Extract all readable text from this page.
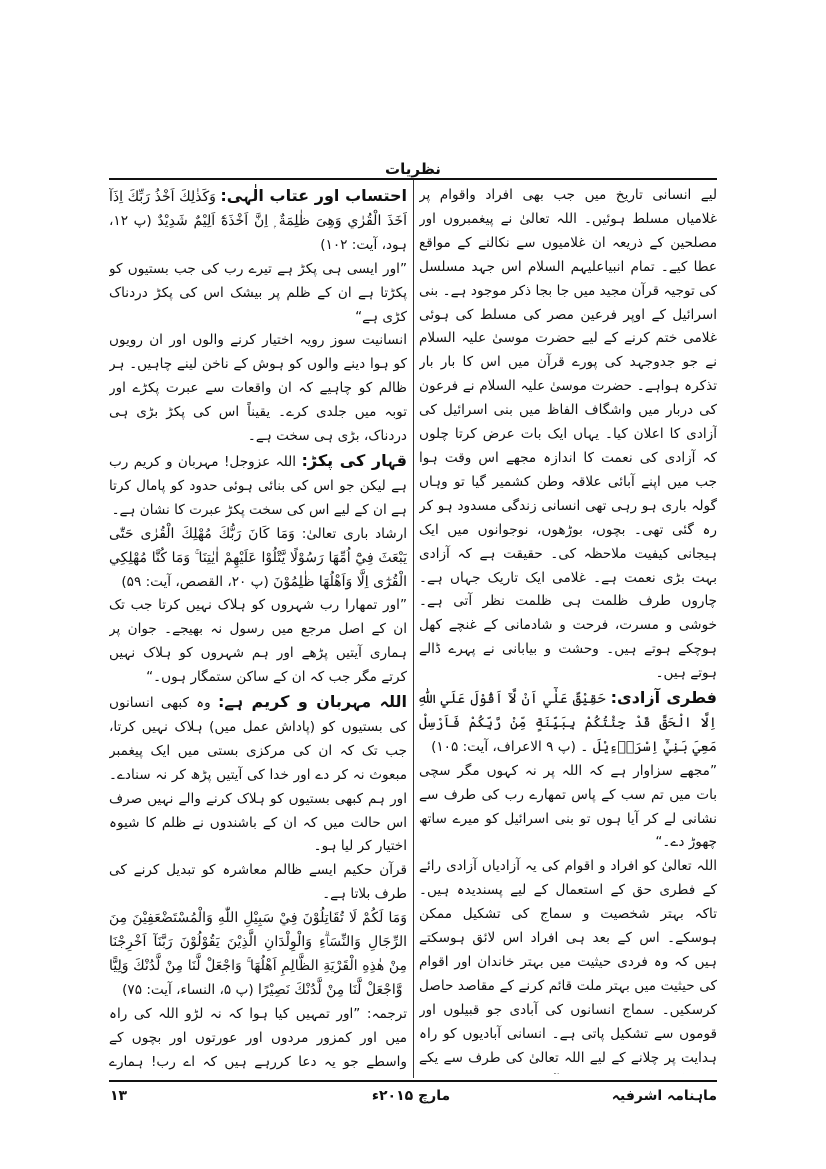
نظریات

لیے انسانی تاریخ میں جب بھی افراد واقوام پر غلامیاں مسلط ہوئیں۔ اللہ تعالیٰ نے پیغمبروں اور مصلحین کے ذریعہ ان غلامیوں سے نکالنے کے مواقع عطا کیے۔ تمام انبیاعلیہم السلام اس جہد مسلسل کی توجیہ قرآن مجید میں جا بجا ذکر موجود ہے۔ بنی اسرائیل کے اوپر فرعین مصر کی مسلط کی ہوئی غلامی ختم کرنے کے لیے حضرت موسیٰ علیہ السلام نے جو جدوجہد کی پورے قرآن میں اس کا بار بار تذکرہ ہواہے۔ حضرت موسیٰ علیہ السلام نے فرعون کی دربار میں واشگاف الفاظ میں بنی اسرائیل کی آزادی کا اعلان کیا۔ یہاں ایک بات عرض کرتا چلوں کہ آزادی کی نعمت کا اندازہ مجھے اس وقت ہوا جب میں اپنے آبائی علاقہ وطن کشمیر گیا تو وہاں گولہ باری ہو رہی تھی انسانی زندگی مسدود ہو کر رہ گئی تھی۔ بچوں، بوڑھوں، نوجوانوں میں ایک ہیجانی کیفیت ملاحظہ کی۔ حقیقت ہے کہ آزادی بہت بڑی نعمت ہے۔ غلامی ایک تاریک جہاں ہے۔ چاروں طرف ظلمت ہی ظلمت نظر آتی ہے۔ خوشی و مسرت، فرحت و شادمانی کے غنچے کھل ہوچکے ہوتے ہیں۔ وحشت و بیابانی نے پہرے ڈالے ہوتے ہیں۔

فطری آزادی: حَقِيْقٌ عَلٰٓي اَنْ لَّآ اَقُوْلَ عَلَي اللّٰهِ اِلَّا الْحَقَّ قَدْ جِئْتُكُمْ بِبَيِّنَةٍ مِّنْ رَّبِّكُمْ فَاَرْسِلْ مَعِيَ بَنِيْٓ اِسْرَاۗءِيْلَ ۔ (پ ۹ الاعراف، آیت: ۱۰۵)

”مجھے سزاوار ہے کہ اللہ پر نہ کہوں مگر سچی بات میں تم سب کے پاس تمھارے رب کی طرف سے نشانی لے کر آیا ہوں تو بنی اسرائیل کو میرے ساتھ چھوڑ دے۔“

اللہ تعالیٰ کو افراد و اقوام کی یہ آزادیاں آزادی رائے کے فطری حق کے استعمال کے لیے پسندیدہ ہیں۔ تاکہ بہتر شخصیت و سماج کی تشکیل ممکن ہوسکے۔ اس کے بعد ہی افراد اس لائق ہوسکتے ہیں کہ وہ فردی حیثیت میں بہتر خاندان اور اقوام کی حیثیت میں بہتر ملت قائم کرنے کے مقاصد حاصل کرسکیں۔ سماج انسانوں کی آبادی جو قبیلوں اور قوموں سے تشکیل پاتی ہے۔ انسانی آبادیوں کو راہ ہدایت پر چلانے کے لیے اللہ تعالیٰ کی طرف سے یکے

احتساب اور عتاب الٰہی: وَكَذٰلِكَ اَخْذُ رَبِّكَ اِذَآ اَخَذَ الْقُرٰي وَهِىَ ظٰلِمَةٌ ۭ اِنَّ اَخْذَهٗٓ اَلِيْمٌ شَدِيْدٌ (پ ۱۲، ہود، آیت: ۱۰۲)

”اور ایسی ہی پکڑ ہے تیرے رب کی جب بستیوں کو پکڑتا ہے ان کے ظلم پر بیشک اس کی پکڑ دردناک کڑی ہے“

انسانیت سوز رویہ اختیار کرنے والوں اور ان رویوں کو ہوا دینے والوں کو ہوش کے ناخن لینے چاہیں۔ ہر ظالم کو چاہیے کہ ان واقعات سے عبرت پکڑے اور توبہ میں جلدی کرے۔ یقیناً اس کی پکڑ بڑی ہی دردناک، بڑی ہی سخت ہے۔

قہار کی پکڑ: اللہ عزوجل! مہربان و کریم رب ہے لیکن جو اس کی بنائی ہوئی حدود کو پامال کرتا ہے ان کے لیے اس کی سخت پکڑ عبرت کا نشان ہے۔

ارشاد باری تعالیٰ: وَمَا كَانَ رَبُّكَ مُهْلِكَ الْقُرٰى حَتّٰى يَبْعَثَ فِيْٓ اُمِّهَا رَسُوْلًا يَّتْلُوْا عَلَيْهِمْ اٰيٰتِنَا ۚ وَمَا كُنَّا مُهْلِكِي الْقُرٰٓى اِلَّا وَاَهْلُهَا ظٰلِمُوْنَ (پ ۲۰، القصص، آیت: ۵۹)

”اور تمھارا رب شہروں کو ہلاک نہیں کرتا جب تک ان کے اصل مرجع میں رسول نہ بھیجے۔ جوان پر ہماری آیتیں پڑھے اور ہم شہروں کو ہلاک نہیں کرتے مگر جب کہ ان کے ساکن ستمگار ہوں۔“

اللہ مہربان و کریم ہے: وہ کبھی انسانوں کی بستیوں کو (پاداش عمل میں) ہلاک نہیں کرتا، جب تک کہ ان کی مرکزی بستی میں ایک پیغمبر مبعوث نہ کر دے اور خدا کی آیتیں پڑھ کر نہ سنادے۔ اور ہم کبھی بستیوں کو ہلاک کرنے والے نہیں صرف اس حالت میں کہ ان کے باشندوں نے ظلم کا شیوہ اختیار کر لیا ہو۔

قرآن حکیم ایسے ظالم معاشرہ کو تبدیل کرنے کی طرف بلاتا ہے۔

وَمَا لَكُمْ لَا تُقَاتِلُوْنَ فِيْ سَبِيْلِ اللّٰهِ وَالْمُسْتَضْعَفِيْنَ مِنَ الرِّجَالِ وَالنِّسَاۗءِ وَالْوِلْدَانِ الَّذِيْنَ يَقُوْلُوْنَ رَبَّنَآ اَخْرِجْنَا مِنْ هٰذِهِ الْقَرْيَةِ الظَّالِمِ اَهْلُهَا ۚ وَاجْعَلْ لَّنَا مِنْ لَّدُنْكَ وَلِيًّا ۚ وَّاجْعَلْ لَّنَا مِنْ لَّدُنْكَ نَصِيْرًا (پ ۵، النساء، آیت: ۷۵)

ترجمہ: ”اور تمہیں کیا ہوا کہ نہ لڑو اللہ کی راہ میں اور کمزور مردوں اور عورتوں اور بچوں کے واسطے جو یہ دعا کررہے ہیں کہ اے رب! ہمارے

ماہنامہ اشرفیہ
مارچ ۲۰۱۵ء
۱۳
